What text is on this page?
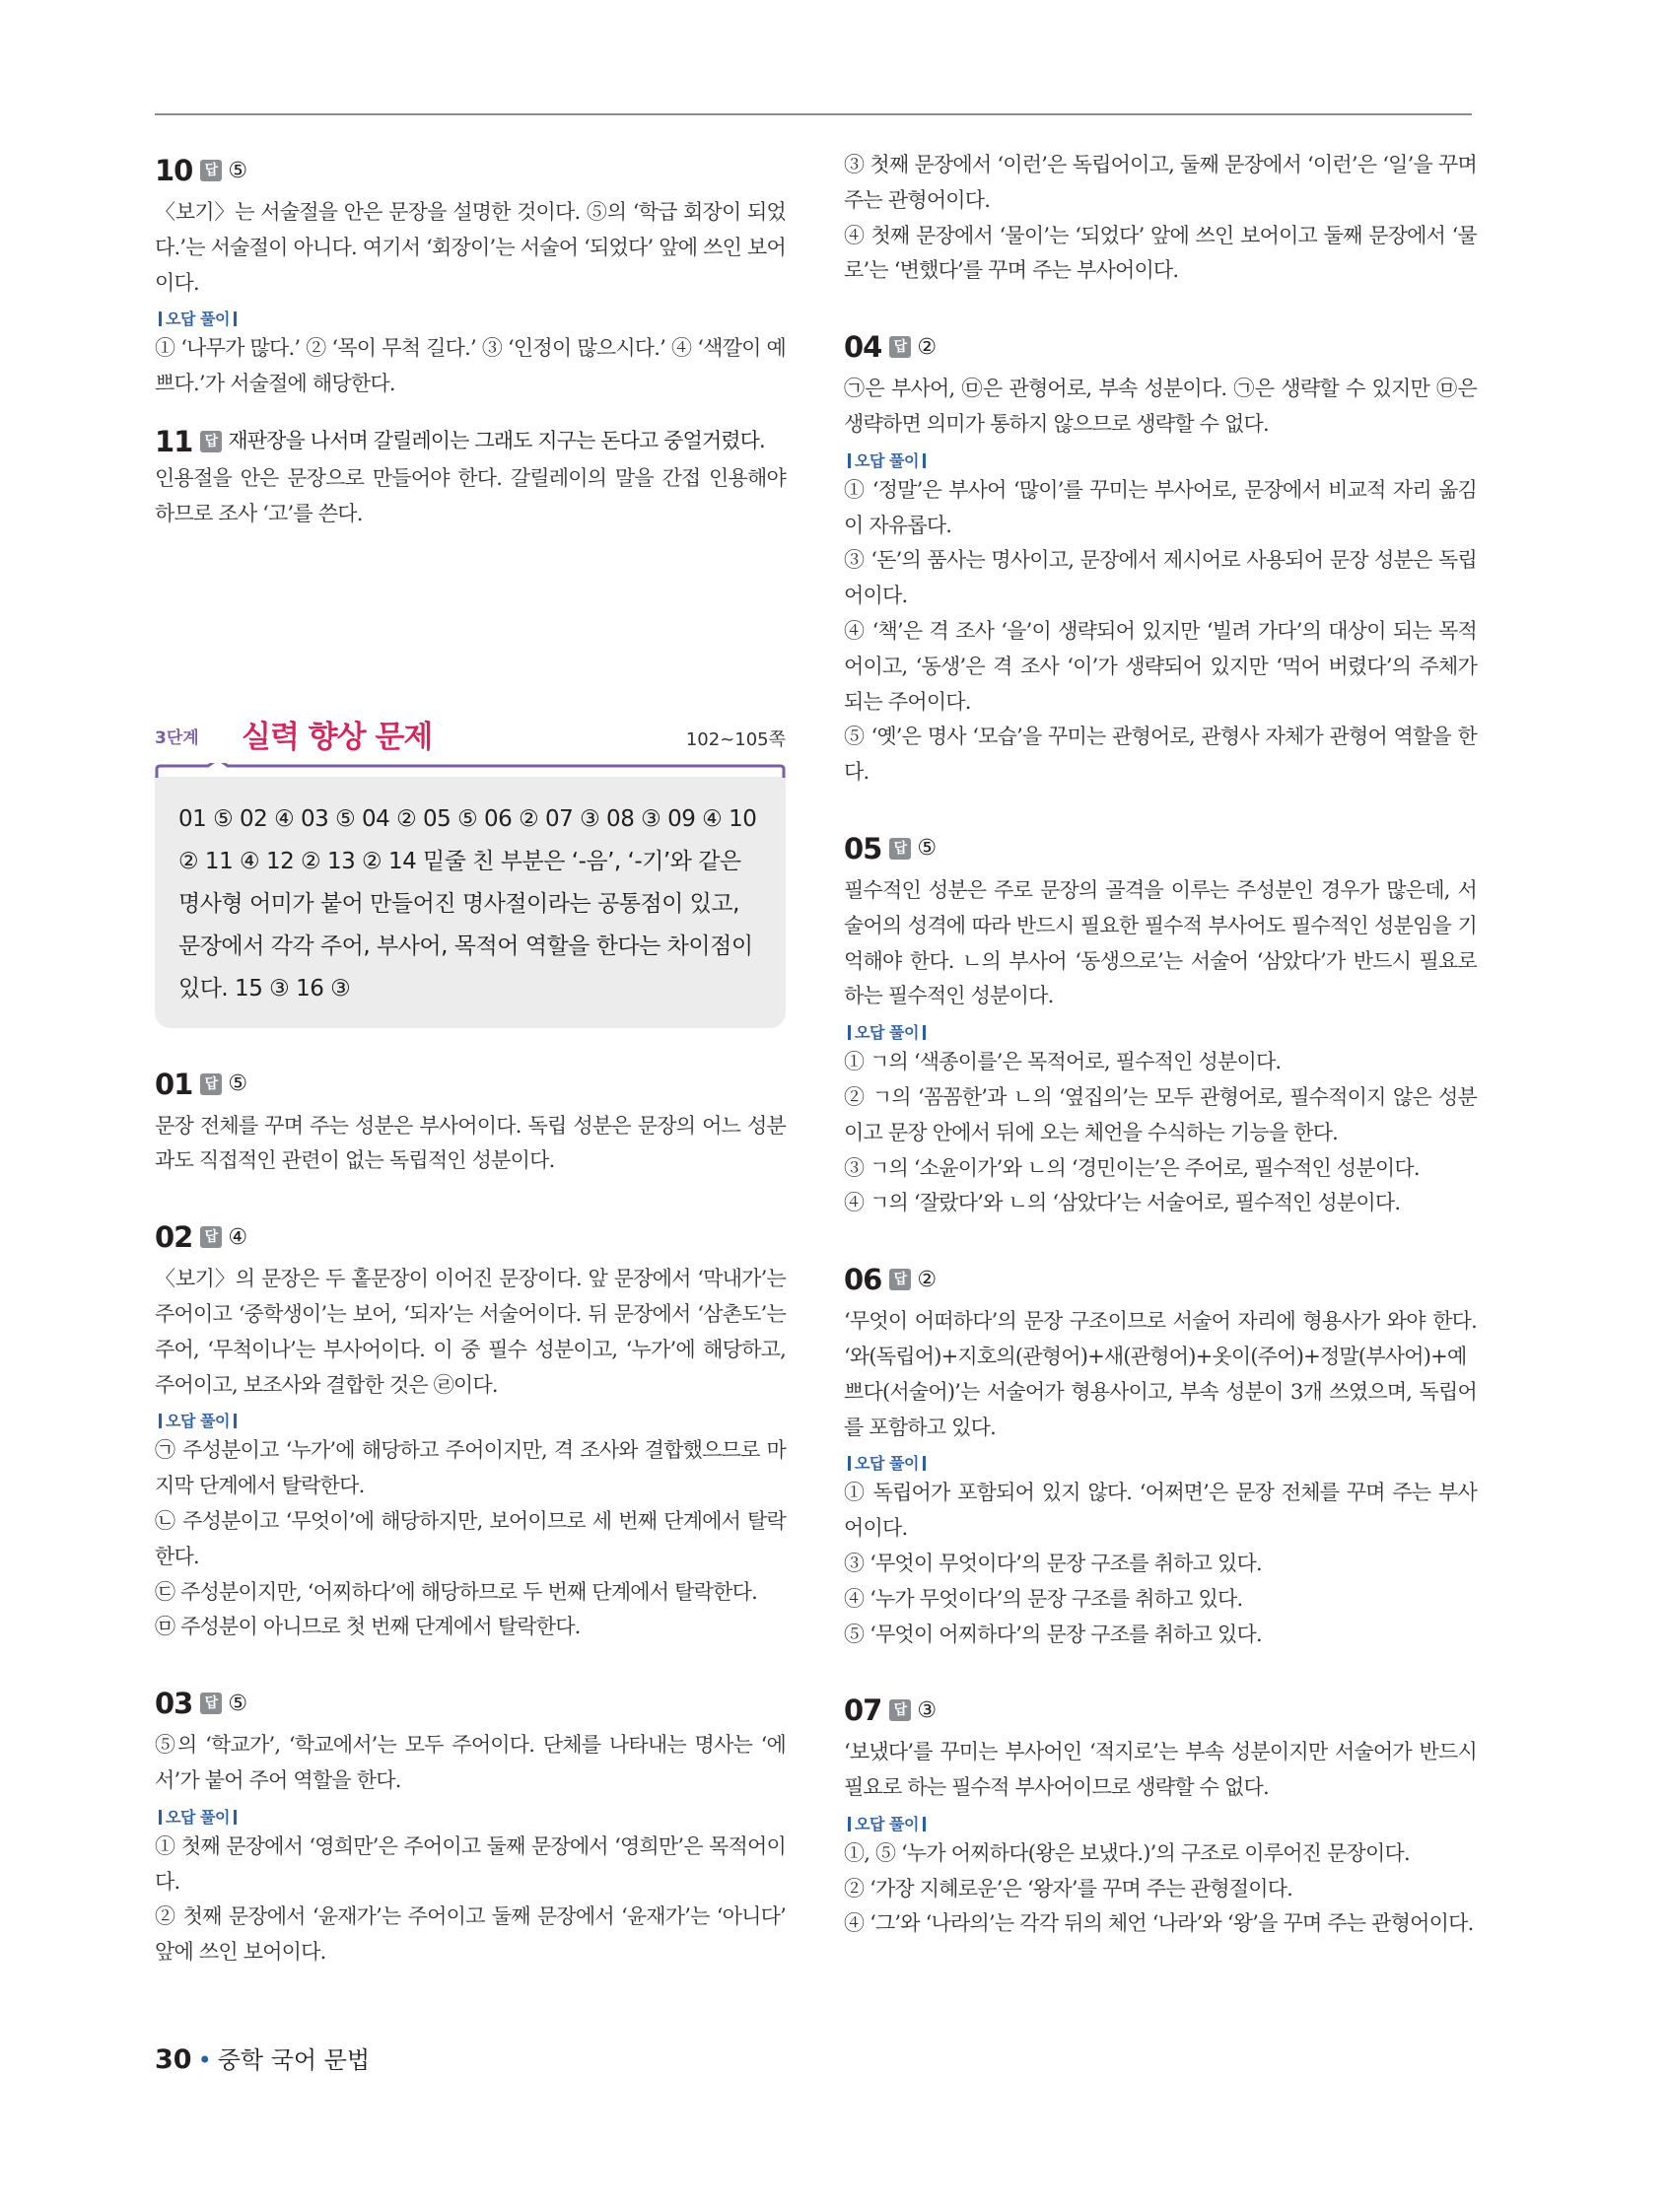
10 답 ⑤

〈보기〉는 서술절을 안은 문장을 설명한 것이다. ⑤의 ‘학급 회장이 되었다.’는 서술절이 아니다. 여기서 ‘회장이’는 서술어 ‘되었다’ 앞에 쓰인 보어이다.

오답 풀이

① ‘나무가 많다.’ ② ‘목이 무척 길다.’ ③ ‘인정이 많으시다.’ ④ ‘색깔이 예쁘다.’가 서술절에 해당한다.

11 답 재판장을 나서며 갈릴레이는 그래도 지구는 돈다고 중얼거렸다.

인용절을 안은 문장으로 만들어야 한다. 갈릴레이의 말을 간접 인용해야 하므로 조사 ‘고’를 쓴다.

3단계 실력 향상 문제	102~105쪽
01 ⑤ 02 ④ 03 ⑤ 04 ② 05 ⑤ 06 ② 07 ③ 08 ③ 09 ④ 10 ② 11 ④ 12 ② 13 ② 14 밑줄 친 부분은 ‘-음’, ‘-기’와 같은 명사형 어미가 붙어 만들어진 명사절이라는 공통점이 있고, 문장에서 각각 주어, 부사어, 목적어 역할을 한다는 차이점이 있다. 15 ③ 16 ③
01 답 ⑤

문장 전체를 꾸며 주는 성분은 부사어이다. 독립 성분은 문장의 어느 성분과도 직접적인 관련이 없는 독립적인 성분이다.

02 답 ④

〈보기〉의 문장은 두 홑문장이 이어진 문장이다. 앞 문장에서 ‘막내가’는 주어이고 ‘중학생이’는 보어, ‘되자’는 서술어이다. 뒤 문장에서 ‘삼촌도’는 주어, ‘무척이나’는 부사어이다. 이 중 필수 성분이고, ‘누가’에 해당하고, 주어이고, 보조사와 결합한 것은 ㉣이다.

오답 풀이

㉠ 주성분이고 ‘누가’에 해당하고 주어이지만, 격 조사와 결합했으므로 마지막 단계에서 탈락한다.

㉡ 주성분이고 ‘무엇이’에 해당하지만, 보어이므로 세 번째 단계에서 탈락한다.

㉢ 주성분이지만, ‘어찌하다’에 해당하므로 두 번째 단계에서 탈락한다.

㉤ 주성분이 아니므로 첫 번째 단계에서 탈락한다.

03 답 ⑤

⑤의 ‘학교가’, ‘학교에서’는 모두 주어이다. 단체를 나타내는 명사는 ‘에서’가 붙어 주어 역할을 한다.

오답 풀이

① 첫째 문장에서 ‘영희만’은 주어이고 둘째 문장에서 ‘영희만’은 목적어이다.

② 첫째 문장에서 ‘윤재가’는 주어이고 둘째 문장에서 ‘윤재가’는 ‘아니다’ 앞에 쓰인 보어이다.

③ 첫째 문장에서 ‘이런’은 독립어이고, 둘째 문장에서 ‘이런’은 ‘일’을 꾸며 주는 관형어이다.

④ 첫째 문장에서 ‘물이’는 ‘되었다’ 앞에 쓰인 보어이고 둘째 문장에서 ‘물로’는 ‘변했다’를 꾸며 주는 부사어이다.

04 답 ②

㉠은 부사어, ㉤은 관형어로, 부속 성분이다. ㉠은 생략할 수 있지만 ㉤은 생략하면 의미가 통하지 않으므로 생략할 수 없다.

오답 풀이

① ‘정말’은 부사어 ‘많이’를 꾸미는 부사어로, 문장에서 비교적 자리 옮김이 자유롭다.

③ ‘돈’의 품사는 명사이고, 문장에서 제시어로 사용되어 문장 성분은 독립어이다.

④ ‘책’은 격 조사 ‘을’이 생략되어 있지만 ‘빌려 가다’의 대상이 되는 목적어이고, ‘동생’은 격 조사 ‘이’가 생략되어 있지만 ‘먹어 버렸다’의 주체가 되는 주어이다.

⑤ ‘옛’은 명사 ‘모습’을 꾸미는 관형어로, 관형사 자체가 관형어 역할을 한다.

05 답 ⑤

필수적인 성분은 주로 문장의 골격을 이루는 주성분인 경우가 많은데, 서술어의 성격에 따라 반드시 필요한 필수적 부사어도 필수적인 성분임을 기억해야 한다. ㄴ의 부사어 ‘동생으로’는 서술어 ‘삼았다’가 반드시 필요로 하는 필수적인 성분이다.

오답 풀이

① ㄱ의 ‘색종이를’은 목적어로, 필수적인 성분이다.

② ㄱ의 ‘꼼꼼한’과 ㄴ의 ‘옆집의’는 모두 관형어로, 필수적이지 않은 성분이고 문장 안에서 뒤에 오는 체언을 수식하는 기능을 한다.

③ ㄱ의 ‘소윤이가’와 ㄴ의 ‘경민이는’은 주어로, 필수적인 성분이다.

④ ㄱ의 ‘잘랐다’와 ㄴ의 ‘삼았다’는 서술어로, 필수적인 성분이다.

06 답 ②

‘무엇이 어떠하다’의 문장 구조이므로 서술어 자리에 형용사가 와야 한다. ‘와(독립어)+지호의(관형어)+새(관형어)+옷이(주어)+정말(부사어)+예쁘다(서술어)’는 서술어가 형용사이고, 부속 성분이 3개 쓰였으며, 독립어를 포함하고 있다.

오답 풀이

① 독립어가 포함되어 있지 않다. ‘어쩌면’은 문장 전체를 꾸며 주는 부사어이다.

③ ‘무엇이 무엇이다’의 문장 구조를 취하고 있다.

④ ‘누가 무엇이다’의 문장 구조를 취하고 있다.

⑤ ‘무엇이 어찌하다’의 문장 구조를 취하고 있다.

07 답 ③

‘보냈다’를 꾸미는 부사어인 ‘적지로’는 부속 성분이지만 서술어가 반드시 필요로 하는 필수적 부사어이므로 생략할 수 없다.

오답 풀이

①, ⑤ ‘누가 어찌하다(왕은 보냈다.)’의 구조로 이루어진 문장이다.

② ‘가장 지혜로운’은 ‘왕자’를 꾸며 주는 관형절이다.

④ ‘그’와 ‘나라의’는 각각 뒤의 체언 ‘나라’와 ‘왕’을 꾸며 주는 관형어이다.

30 • 중학 국어 문법
